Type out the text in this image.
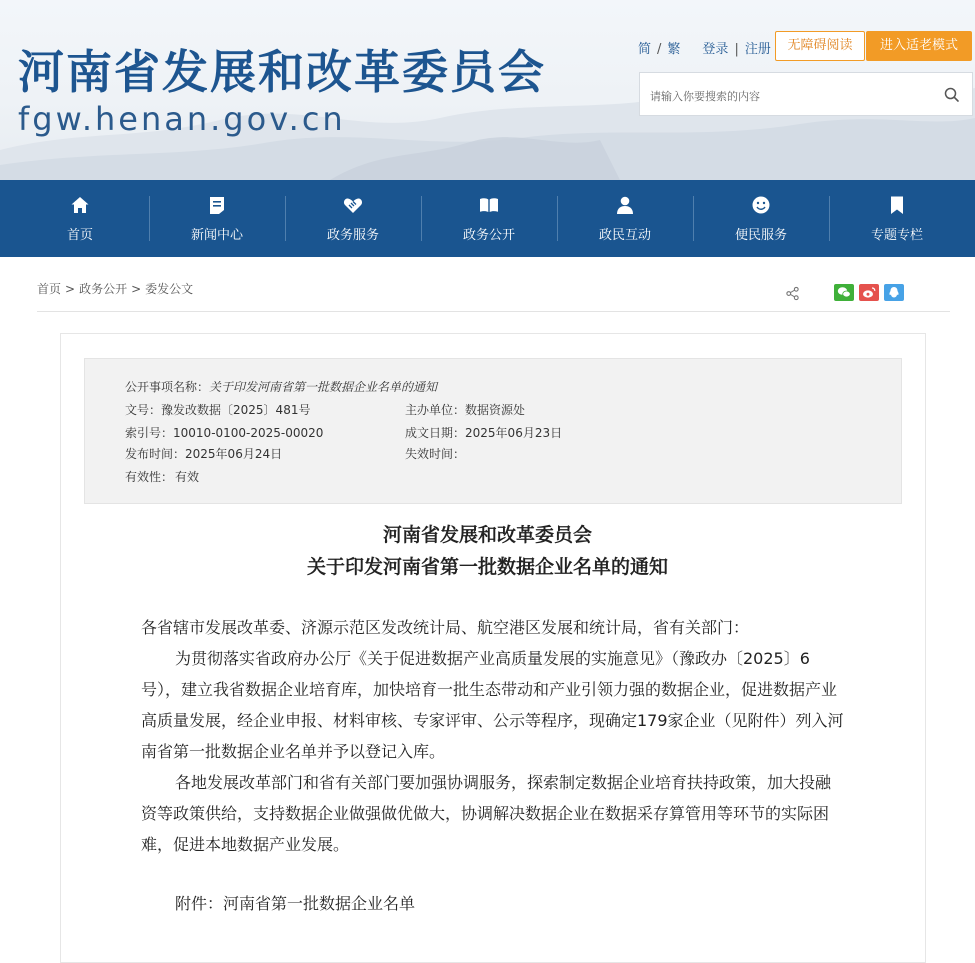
河南省发展和改革委员会
fgw.henan.gov.cn
简 / 繁 登录 | 注册	无障碍阅读	进入适老模式
请输入你要搜索的内容
首页	新闻中心	政务服务	政务公开	政民互动	便民服务	专题专栏
首页 > 政务公开 > 委发公文
公开事项名称：关于印发河南省第一批数据企业名单的通知
文号：豫发改数据〔2025〕481号	主办单位：数据资源处
索引号：10010-0100-2025-00020	成文日期：2025年06月23日
发布时间：2025年06月24日	失效时间：
有效性： 有效
河南省发展和改革委员会
关于印发河南省第一批数据企业名单的通知
各省辖市发展改革委、济源示范区发改统计局、航空港区发展和统计局，省有关部门：
为贯彻落实省政府办公厅《关于促进数据产业高质量发展的实施意见》（豫政办〔2025〕6号），建立我省数据企业培育库，加快培育一批生态带动和产业引领力强的数据企业，促进数据产业高质量发展，经企业申报、材料审核、专家评审、公示等程序，现确定179家企业（见附件）列入河南省第一批数据企业名单并予以登记入库。
各地发展改革部门和省有关部门要加强协调服务，探索制定数据企业培育扶持政策，加大投融资等政策供给，支持数据企业做强做优做大，协调解决数据企业在数据采存算管用等环节的实际困难，促进本地数据产业发展。
附件：河南省第一批数据企业名单
